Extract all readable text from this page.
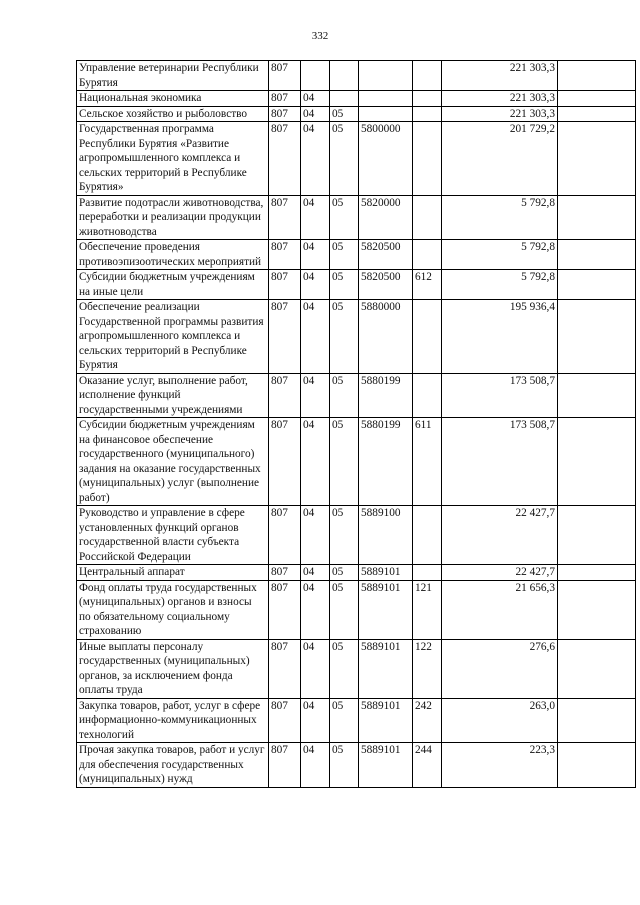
332
Управление ветеринарии Республики Бурятия	807					221 303,3	
Национальная экономика	807	04				221 303,3	
Сельское хозяйство и рыболовство	807	04	05			221 303,3	
Государственная программа Республики Бурятия «Развитие агропромышленного комплекса и сельских территорий в Республике Бурятия»	807	04	05	5800000		201 729,2	
Развитие подотрасли животноводства, переработки и реализации продукции животноводства	807	04	05	5820000		5 792,8	
Обеспечение проведения противоэпизоотических мероприятий	807	04	05	5820500		5 792,8	
Субсидии бюджетным учреждениям на иные цели	807	04	05	5820500	612	5 792,8	
Обеспечение реализации Государственной программы развития агропромышленного комплекса и сельских территорий в Республике Бурятия	807	04	05	5880000		195 936,4	
Оказание услуг, выполнение работ, исполнение функций государственными учреждениями	807	04	05	5880199		173 508,7	
Субсидии бюджетным учреждениям на финансовое обеспечение государственного (муниципального) задания на оказание государственных (муниципальных) услуг (выполнение работ)	807	04	05	5880199	611	173 508,7	
Руководство и управление в сфере установленных функций органов государственной власти субъекта Российской Федерации	807	04	05	5889100		22 427,7	
Центральный аппарат	807	04	05	5889101		22 427,7	
Фонд оплаты труда государственных (муниципальных) органов и взносы по обязательному социальному страхованию	807	04	05	5889101	121	21 656,3	
Иные выплаты персоналу государственных (муниципальных) органов, за исключением фонда оплаты труда	807	04	05	5889101	122	276,6	
Закупка товаров, работ, услуг в сфере информационно-коммуникационных технологий	807	04	05	5889101	242	263,0	
Прочая закупка товаров, работ и услуг для обеспечения государственных (муниципальных) нужд	807	04	05	5889101	244	223,3	
